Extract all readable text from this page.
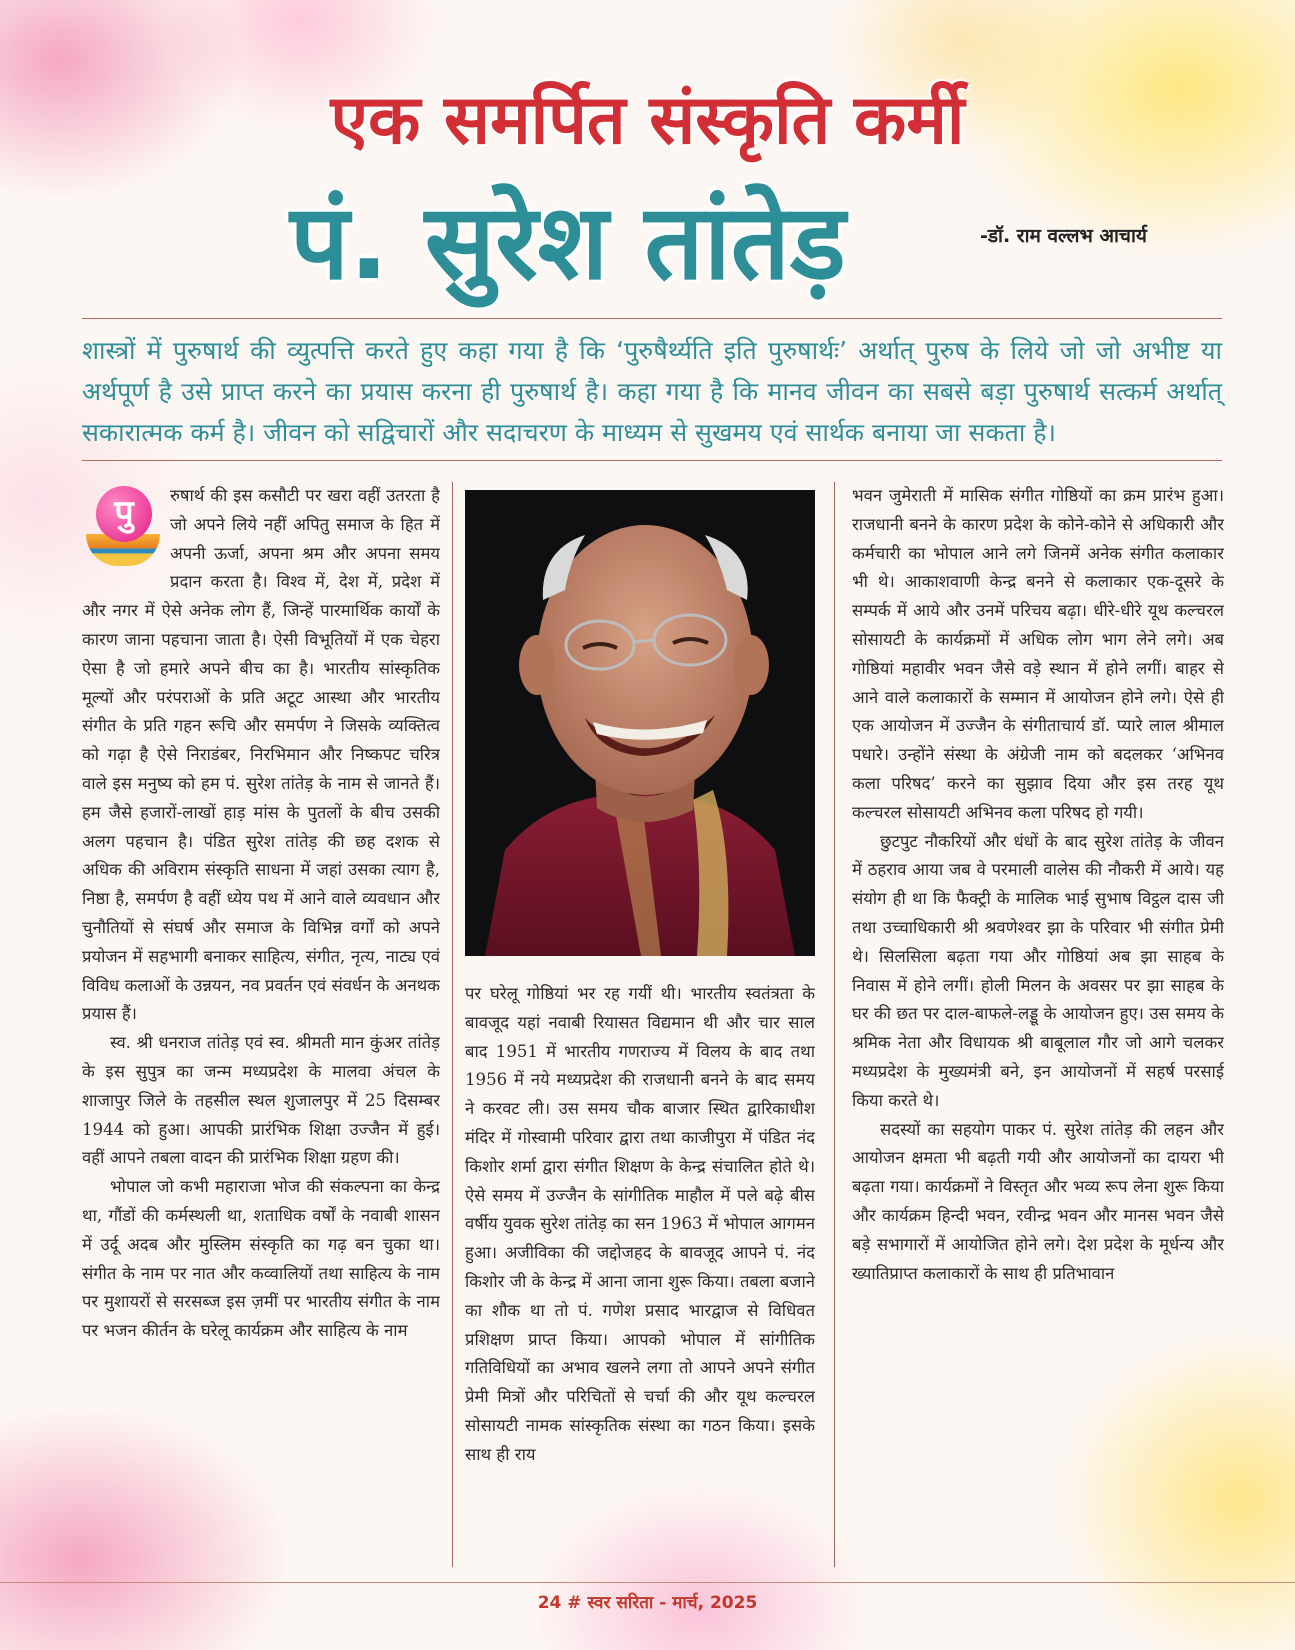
एक समर्पित संस्कृति कर्मी
पं. सुरेश तांतेड़	-डॉ. राम वल्लभ आचार्य
शास्त्रों में पुरुषार्थ की व्युत्पत्ति करते हुए कहा गया है कि ‘पुरुषैर्थ्यति इति पुरुषार्थः’ अर्थात् पुरुष के लिये जो जो अभीष्ट या अर्थपूर्ण है उसे प्राप्त करने का प्रयास करना ही पुरुषार्थ है। कहा गया है कि मानव जीवन का सबसे बड़ा पुरुषार्थ सत्कर्म अर्थात् सकारात्मक कर्म है। जीवन को सद्विचारों और सदाचरण के माध्यम से सुखमय एवं सार्थक बनाया जा सकता है।
पु	रुषार्थ की इस कसौटी पर खरा वहीं उतरता है जो अपने लिये नहीं अपितु समाज के हित में अपनी ऊर्जा, अपना श्रम और अपना समय प्रदान करता है। विश्व में, देश में, प्रदेश में और नगर में ऐसे अनेक लोग हैं, जिन्हें पारमार्थिक कार्यों के कारण जाना पहचाना जाता है। ऐसी विभूतियों में एक चेहरा ऐसा है जो हमारे अपने बीच का है। भारतीय सांस्कृतिक मूल्यों और परंपराओं के प्रति अटूट आस्था और भारतीय संगीत के प्रति गहन रूचि और समर्पण ने जिसके व्यक्तित्व को गढ़ा है ऐसे निराडंबर, निरभिमान और निष्कपट चरित्र वाले इस मनुष्य को हम पं. सुरेश तांतेड़ के नाम से जानते हैं। हम जैसे हजारों-लाखों हाड़ मांस के पुतलों के बीच उसकी अलग पहचान है। पंडित सुरेश तांतेड़ की छह दशक से अधिक की अविराम संस्कृति साधना में जहां उसका त्याग है, निष्ठा है, समर्पण है वहीं ध्येय पथ में आने वाले व्यवधान और चुनौतियों से संघर्ष और समाज के विभिन्न वर्गों को अपने प्रयोजन में सहभागी बनाकर साहित्य, संगीत, नृत्य, नाट्य एवं विविध कलाओं के उन्नयन, नव प्रवर्तन एवं संवर्धन के अनथक प्रयास हैं।

स्व. श्री धनराज तांतेड़ एवं स्व. श्रीमती मान कुंअर तांतेड़ के इस सुपुत्र का जन्म मध्यप्रदेश के मालवा अंचल के शाजापुर जिले के तहसील स्थल शुजालपुर में 25 दिसम्बर 1944 को हुआ। आपकी प्रारंभिक शिक्षा उज्जैन में हुई। वहीं आपने तबला वादन की प्रारंभिक शिक्षा ग्रहण की।

भोपाल जो कभी महाराजा भोज की संकल्पना का केन्द्र था, गौंडों की कर्मस्थली था, शताधिक वर्षों के नवाबी शासन में उर्दू अदब और मुस्लिम संस्कृति का गढ़ बन चुका था। संगीत के नाम पर नात और कव्वालियों तथा साहित्य के नाम पर मुशायरों से सरसब्ज इस ज़मीं पर भारतीय संगीत के नाम पर भजन कीर्तन के घरेलू कार्यक्रम और साहित्य के नाम

पर घरेलू गोष्ठियां भर रह गयीं थी। भारतीय स्वतंत्रता के बावजूद यहां नवाबी रियासत विद्यमान थी और चार साल बाद 1951 में भारतीय गणराज्य में विलय के बाद तथा 1956 में नये मध्यप्रदेश की राजधानी बनने के बाद समय ने करवट ली। उस समय चौक बाजार स्थित द्वारिकाधीश मंदिर में गोस्वामी परिवार द्वारा तथा काजीपुरा में पंडित नंद किशोर शर्मा द्वारा संगीत शिक्षण के केन्द्र संचालित होते थे। ऐसे समय में उज्जैन के सांगीतिक माहौल में पले बढ़े बीस वर्षीय युवक सुरेश तांतेड़ का सन 1963 में भोपाल आगमन हुआ। अजीविका की जद्दोजहद के बावजूद आपने पं. नंद किशोर जी के केन्द्र में आना जाना शुरू किया। तबला बजाने का शौक था तो पं. गणेश प्रसाद भारद्वाज से विधिवत प्रशिक्षण प्राप्त किया। आपको भोपाल में सांगीतिक गतिविधियों का अभाव खलने लगा तो आपने अपने संगीत प्रेमी मित्रों और परिचितों से चर्चा की और यूथ कल्चरल सोसायटी नामक सांस्कृतिक संस्था का गठन किया। इसके साथ ही राय

भवन जुमेराती में मासिक संगीत गोष्ठियों का क्रम प्रारंभ हुआ। राजधानी बनने के कारण प्रदेश के कोने-कोने से अधिकारी और कर्मचारी का भोपाल आने लगे जिनमें अनेक संगीत कलाकार भी थे। आकाशवाणी केन्द्र बनने से कलाकार एक-दूसरे के सम्पर्क में आये और उनमें परिचय बढ़ा। धीरे-धीरे यूथ कल्चरल सोसायटी के कार्यक्रमों में अधिक लोग भाग लेने लगे। अब गोष्ठियां महावीर भवन जैसे वड़े स्थान में होने लगीं। बाहर से आने वाले कलाकारों के सम्मान में आयोजन होने लगे। ऐसे ही एक आयोजन में उज्जैन के संगीताचार्य डॉ. प्यारे लाल श्रीमाल पधारे। उन्होंने संस्था के अंग्रेजी नाम को बदलकर ‘अभिनव कला परिषद’ करने का सुझाव दिया और इस तरह यूथ कल्चरल सोसायटी अभिनव कला परिषद हो गयी।

छुटपुट नौकरियों और धंधों के बाद सुरेश तांतेड़ के जीवन में ठहराव आया जब वे परमाली वालेस की नौकरी में आये। यह संयोग ही था कि फैक्ट्री के मालिक भाई सुभाष विट्ठल दास जी तथा उच्चाधिकारी श्री श्रवणेश्वर झा के परिवार भी संगीत प्रेमी थे। सिलसिला बढ़ता गया और गोष्ठियां अब झा साहब के निवास में होने लगीं। होली मिलन के अवसर पर झा साहब के घर की छत पर दाल-बाफले-लड्डू के आयोजन हुए। उस समय के श्रमिक नेता और विधायक श्री बाबूलाल गौर जो आगे चलकर मध्यप्रदेश के मुख्यमंत्री बने, इन आयोजनों में सहर्ष परसाई किया करते थे।

सदस्यों का सहयोग पाकर पं. सुरेश तांतेड़ की लहन और आयोजन क्षमता भी बढ़ती गयी और आयोजनों का दायरा भी बढ़ता गया। कार्यक्रमों ने विस्तृत और भव्य रूप लेना शुरू किया और कार्यक्रम हिन्दी भवन, रवीन्द्र भवन और मानस भवन जैसे बड़े सभागारों में आयोजित होने लगे। देश प्रदेश के मूर्धन्य और ख्यातिप्राप्त कलाकारों के साथ ही प्रतिभावान

24 # स्वर सरिता - मार्च, 2025
